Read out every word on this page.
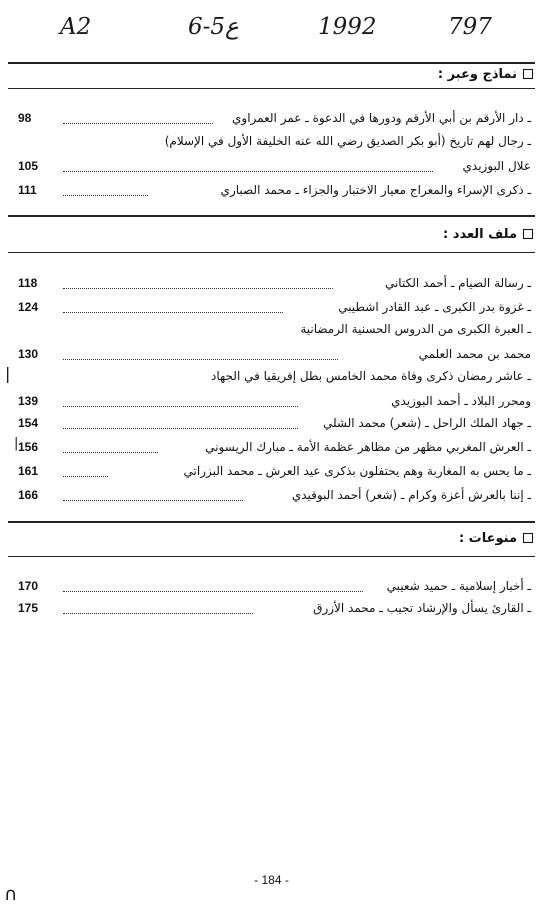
A2	6-5ع	1992	797
نماذج وعبر :
ـ دار الأرقم بن أبي الأرقم ودورها في الدعوة ـ عمر العمراوي
98
ـ رجال لهم تاريخ (أبو بكر الصديق رضي الله عنه الخليفة الأول في الإسلام)
علال البوزيدي
105
ـ ذكرى الإسراء والمعراج معيار الاختبار والجزاء ـ محمد الصباري
111
ملف العدد :
ـ رسالة الصيام ـ أحمد الكتاني
118
ـ غزوة بدر الكبرى ـ عبد القادر اشطيبي
124
ـ العبرة الكبرى من الدروس الحسنية الرمضانية
محمد بن محمد العلمي
130
ـ عاشر رمضان ذكرى وفاة محمد الخامس بطل إفريقيا في الجهاد
ومحرر البلاد ـ أحمد البوزيدي
139
ـ جهاد الملك الراحل ـ (شعر) محمد الشلي
154
ـ العرش المغربي مظهر من مظاهر عظمة الأمة ـ مبارك الريسوني
156
ـ ما يحس به المغاربة وهم يحتفلون بذكرى عيد العرش ـ محمد البزراتي
161
ـ إننا بالعرش أعزة وكرام ـ (شعر) أحمد البوقيدي
166
|
|
منوعات :
ـ أخبار إسلامية ـ حميد شعيبي
170
ـ القارئ يسأل والإرشاد تجيب ـ محمد الأزرق
175
- 184 -
∩
